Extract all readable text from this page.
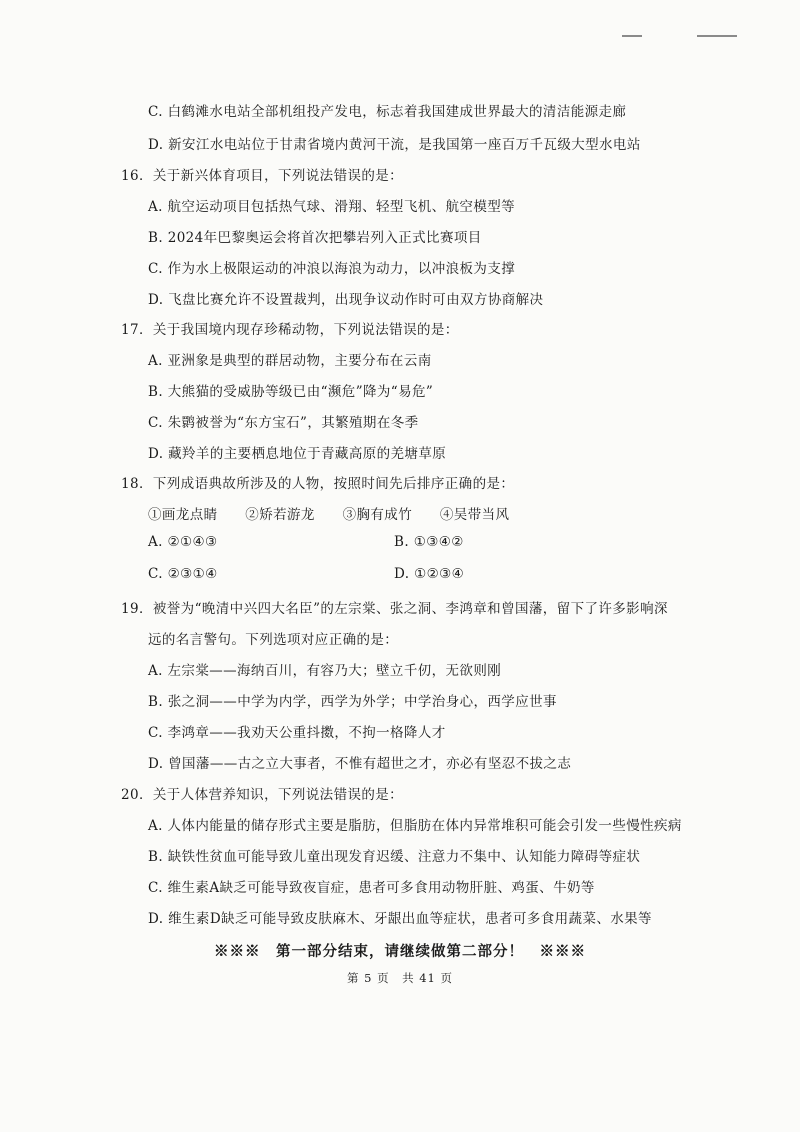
C. 白鹤滩水电站全部机组投产发电，标志着我国建成世界最大的清洁能源走廊
D. 新安江水电站位于甘肃省境内黄河干流，是我国第一座百万千瓦级大型水电站
16．关于新兴体育项目，下列说法错误的是：
A. 航空运动项目包括热气球、滑翔、轻型飞机、航空模型等
B. 2024年巴黎奥运会将首次把攀岩列入正式比赛项目
C. 作为水上极限运动的冲浪以海浪为动力，以冲浪板为支撑
D. 飞盘比赛允许不设置裁判，出现争议动作时可由双方协商解决
17．关于我国境内现存珍稀动物，下列说法错误的是：
A. 亚洲象是典型的群居动物，主要分布在云南
B. 大熊猫的受威胁等级已由“濒危”降为“易危”
C. 朱鹮被誉为“东方宝石”，其繁殖期在冬季
D. 藏羚羊的主要栖息地位于青藏高原的羌塘草原
18．下列成语典故所涉及的人物，按照时间先后排序正确的是：
①画龙点睛　　②矫若游龙　　③胸有成竹　　④吴带当风
A. ②①④③	B. ①③④②
C. ②③①④	D. ①②③④
19．被誉为“晚清中兴四大名臣”的左宗棠、张之洞、李鸿章和曾国藩，留下了许多影响深
远的名言警句。下列选项对应正确的是：
A. 左宗棠——海纳百川，有容乃大；壁立千仞，无欲则刚
B. 张之洞——中学为内学，西学为外学；中学治身心，西学应世事
C. 李鸿章——我劝天公重抖擞，不拘一格降人才
D. 曾国藩——古之立大事者，不惟有超世之才，亦必有坚忍不拔之志
20．关于人体营养知识，下列说法错误的是：
A. 人体内能量的储存形式主要是脂肪，但脂肪在体内异常堆积可能会引发一些慢性疾病
B. 缺铁性贫血可能导致儿童出现发育迟缓、注意力不集中、认知能力障碍等症状
C. 维生素A缺乏可能导致夜盲症，患者可多食用动物肝脏、鸡蛋、牛奶等
D. 维生素D缺乏可能导致皮肤麻木、牙龈出血等症状，患者可多食用蔬菜、水果等
※※※　第一部分结束，请继续做第二部分！　※※※
第 5 页　共 41 页
